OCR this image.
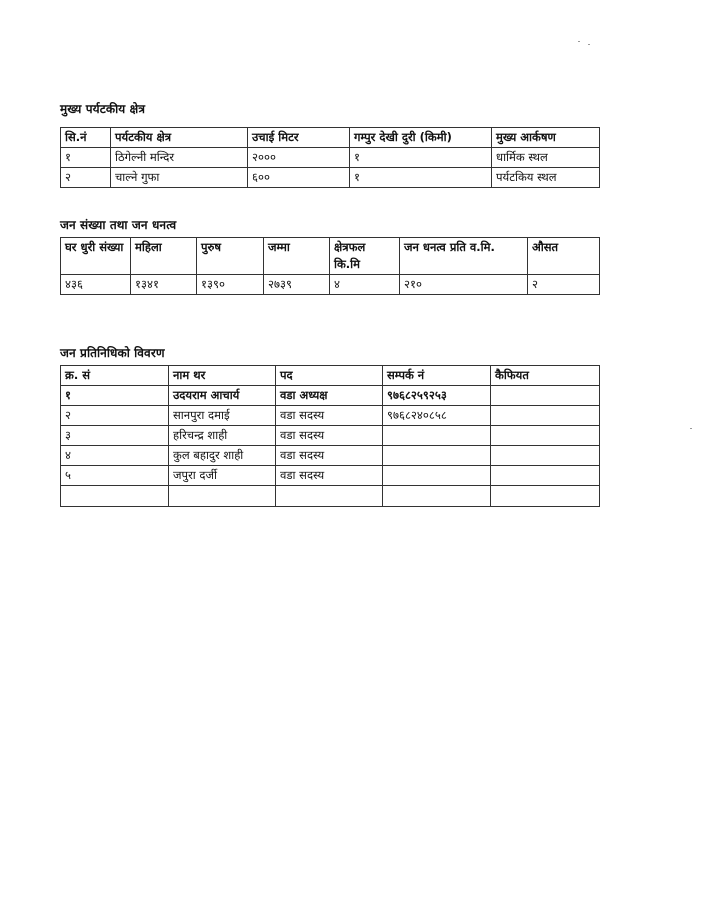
मुख्य पर्यटकीय क्षेत्र
सि.नं	पर्यटकीय क्षेत्र	उचाई मिटर	गम्पुर देखी दुरी (किमी)	मुख्य आर्कषण
१	ठिगेल्नी मन्दिर	२०००	१	धार्मिक स्थल
२	चाल्ने गुफा	६००	१	पर्यटकिय स्थल
जन संख्या तथा जन धनत्व
घर धुरी संख्या	महिला	पुरुष	जम्मा	क्षेत्रफल कि.मि	जन धनत्व प्रति व.मि.	औसत
४३६	१३४१	१३९०	२७३९	४	२१०	२
जन प्रतिनिधिको विवरण
क्र. सं	नाम थर	पद	सम्पर्क नं	कैफियत
१	उदयराम आचार्य	वडा अध्यक्ष	९७६८२५९२५३	
२	सानपुरा दमाई	वडा सदस्य	९७६८२४०८५८	
३	हरिचन्द्र शाही	वडा सदस्य		
४	कुल बहादुर शाही	वडा सदस्य		
५	जपुरा दर्जी	वडा सदस्य		
